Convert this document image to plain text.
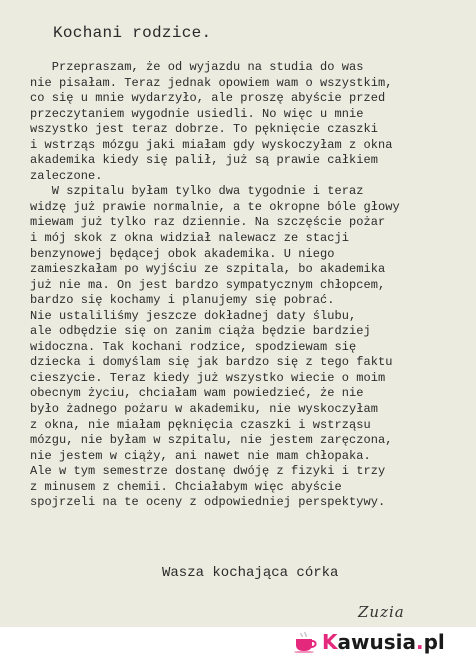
Kochani rodzice.
Przepraszam, że od wyjazdu na studia do was
nie pisałam. Teraz jednak opowiem wam o wszystkim,
co się u mnie wydarzyło, ale proszę abyście przed
przeczytaniem wygodnie usiedli. No więc u mnie
wszystko jest teraz dobrze. To pęknięcie czaszki
i wstrząs mózgu jaki miałam gdy wyskoczyłam z okna
akademika kiedy się palił, już są prawie całkiem
zaleczone.
W szpitalu byłam tylko dwa tygodnie i teraz
widzę już prawie normalnie, a te okropne bóle głowy
miewam już tylko raz dziennie. Na szczęście pożar
i mój skok z okna widział nalewacz ze stacji
benzynowej będącej obok akademika. U niego
zamieszkałam po wyjściu ze szpitala, bo akademika
już nie ma. On jest bardzo sympatycznym chłopcem,
bardzo się kochamy i planujemy się pobrać.
Nie ustaliliśmy jeszcze dokładnej daty ślubu,
ale odbędzie się on zanim ciąża będzie bardziej
widoczna. Tak kochani rodzice, spodziewam się
dziecka i domyślam się jak bardzo się z tego faktu
cieszycie. Teraz kiedy już wszystko wiecie o moim
obecnym życiu, chciałam wam powiedzieć, że nie
było żadnego pożaru w akademiku, nie wyskoczyłam
z okna, nie miałam pęknięcia czaszki i wstrząsu
mózgu, nie byłam w szpitalu, nie jestem zaręczona,
nie jestem w ciąży, ani nawet nie mam chłopaka.
Ale w tym semestrze dostanę dwóję z fizyki i trzy
z minusem z chemii. Chciałabym więc abyście
spojrzeli na te oceny z odpowiedniej perspektywy.
Wasza kochająca córka
Zuzia
K awusia . pl
